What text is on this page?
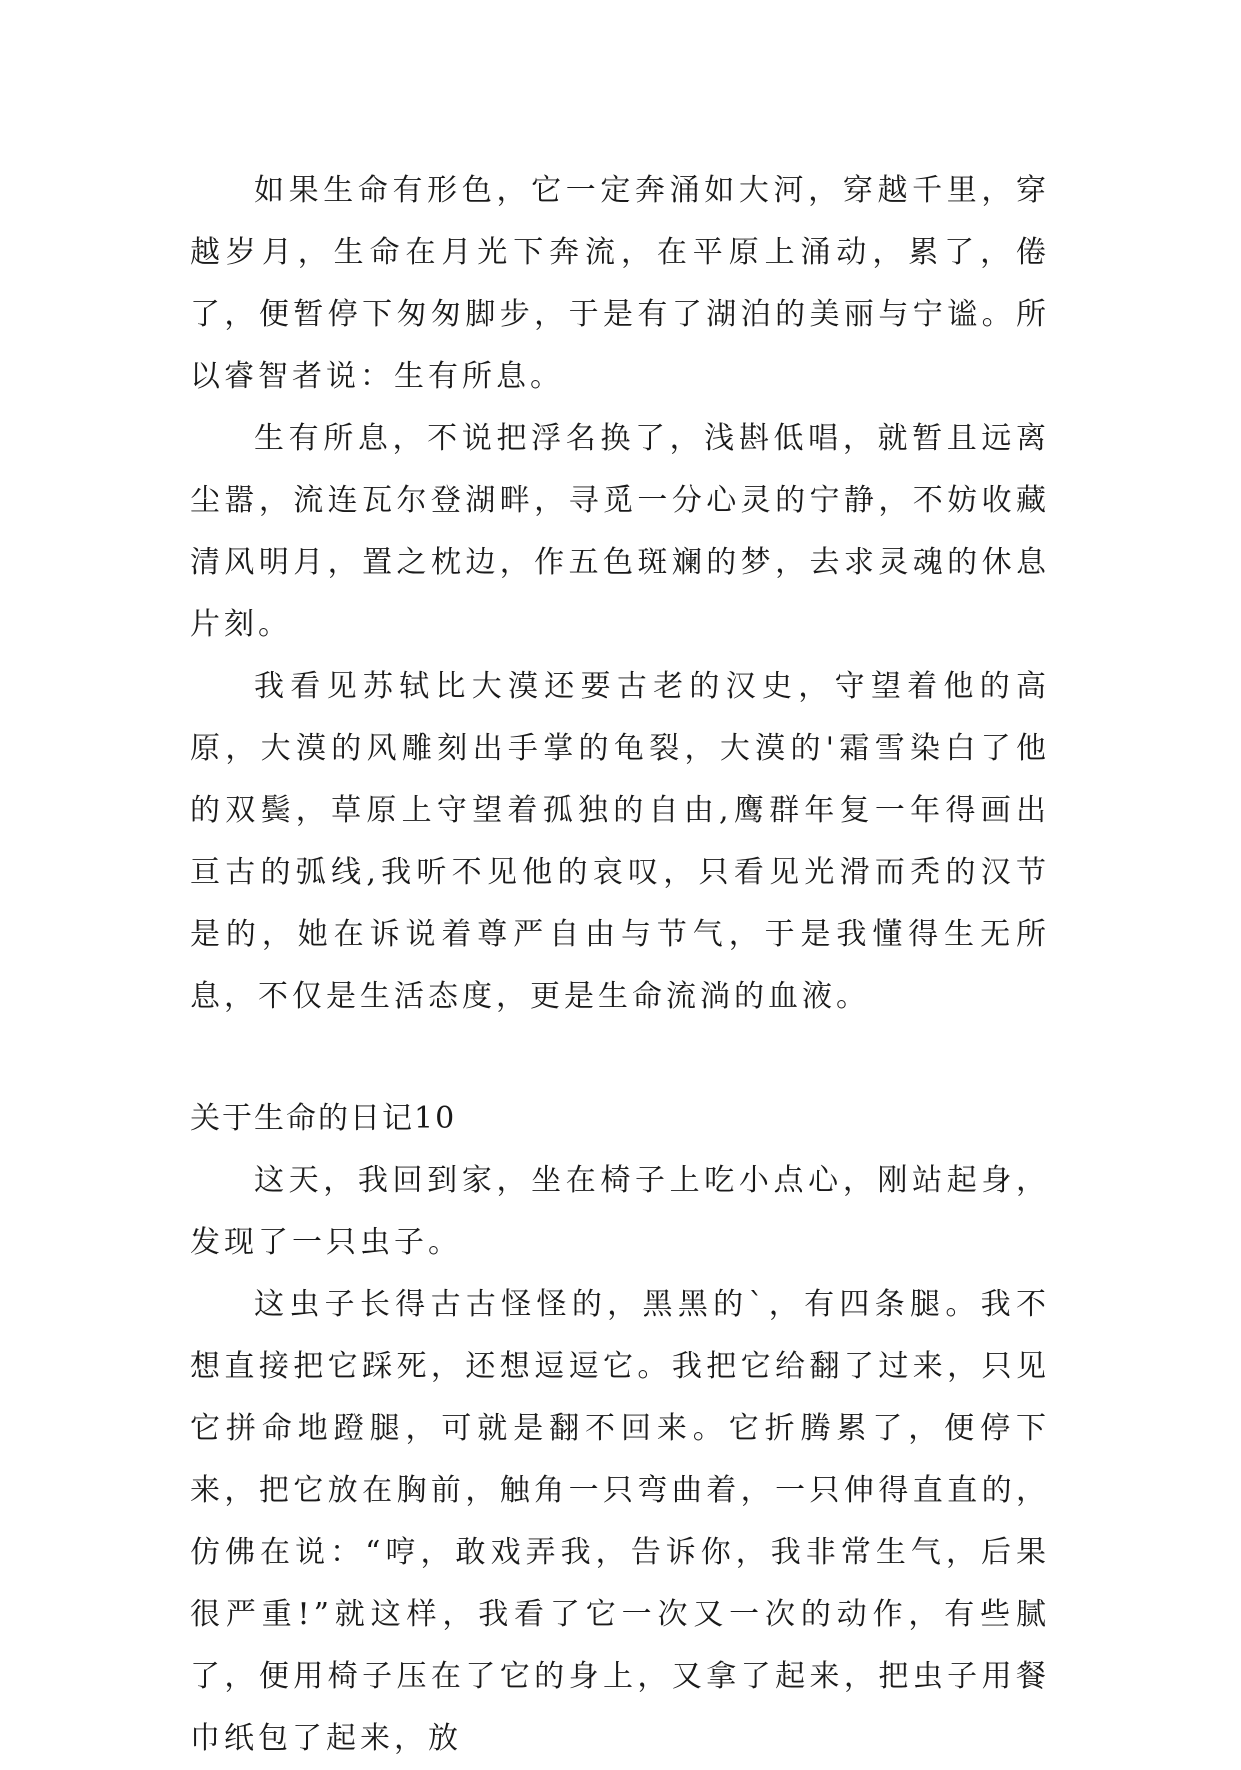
如果生命有形色，它一定奔涌如大河，穿越千里，穿越岁月，生命在月光下奔流，在平原上涌动，累了，倦了，便暂停下匆匆脚步，于是有了湖泊的美丽与宁谧。所以睿智者说：生有所息。

生有所息，不说把浮名换了，浅斟低唱，就暂且远离尘嚣，流连瓦尔登湖畔，寻觅一分心灵的宁静，不妨收藏清风明月，置之枕边，作五色斑斓的梦，去求灵魂的休息片刻。

我看见苏轼比大漠还要古老的汉史，守望着他的高原，大漠的风雕刻出手掌的龟裂，大漠的'霜雪染白了他的双鬓，草原上守望着孤独的自由,鹰群年复一年得画出亘古的弧线,我听不见他的哀叹，只看见光滑而秃的汉节是的，她在诉说着尊严自由与节气，于是我懂得生无所息，不仅是生活态度，更是生命流淌的血液。

关于生命的日记10

这天，我回到家，坐在椅子上吃小点心，刚站起身，发现了一只虫子。

这虫子长得古古怪怪的，黑黑的`，有四条腿。我不想直接把它踩死，还想逗逗它。我把它给翻了过来，只见它拼命地蹬腿，可就是翻不回来。它折腾累了，便停下来，把它放在胸前，触角一只弯曲着，一只伸得直直的，仿佛在说：“哼，敢戏弄我，告诉你，我非常生气，后果很严重!”就这样，我看了它一次又一次的动作，有些腻了，便用椅子压在了它的身上，又拿了起来，把虫子用餐巾纸包了起来，放
